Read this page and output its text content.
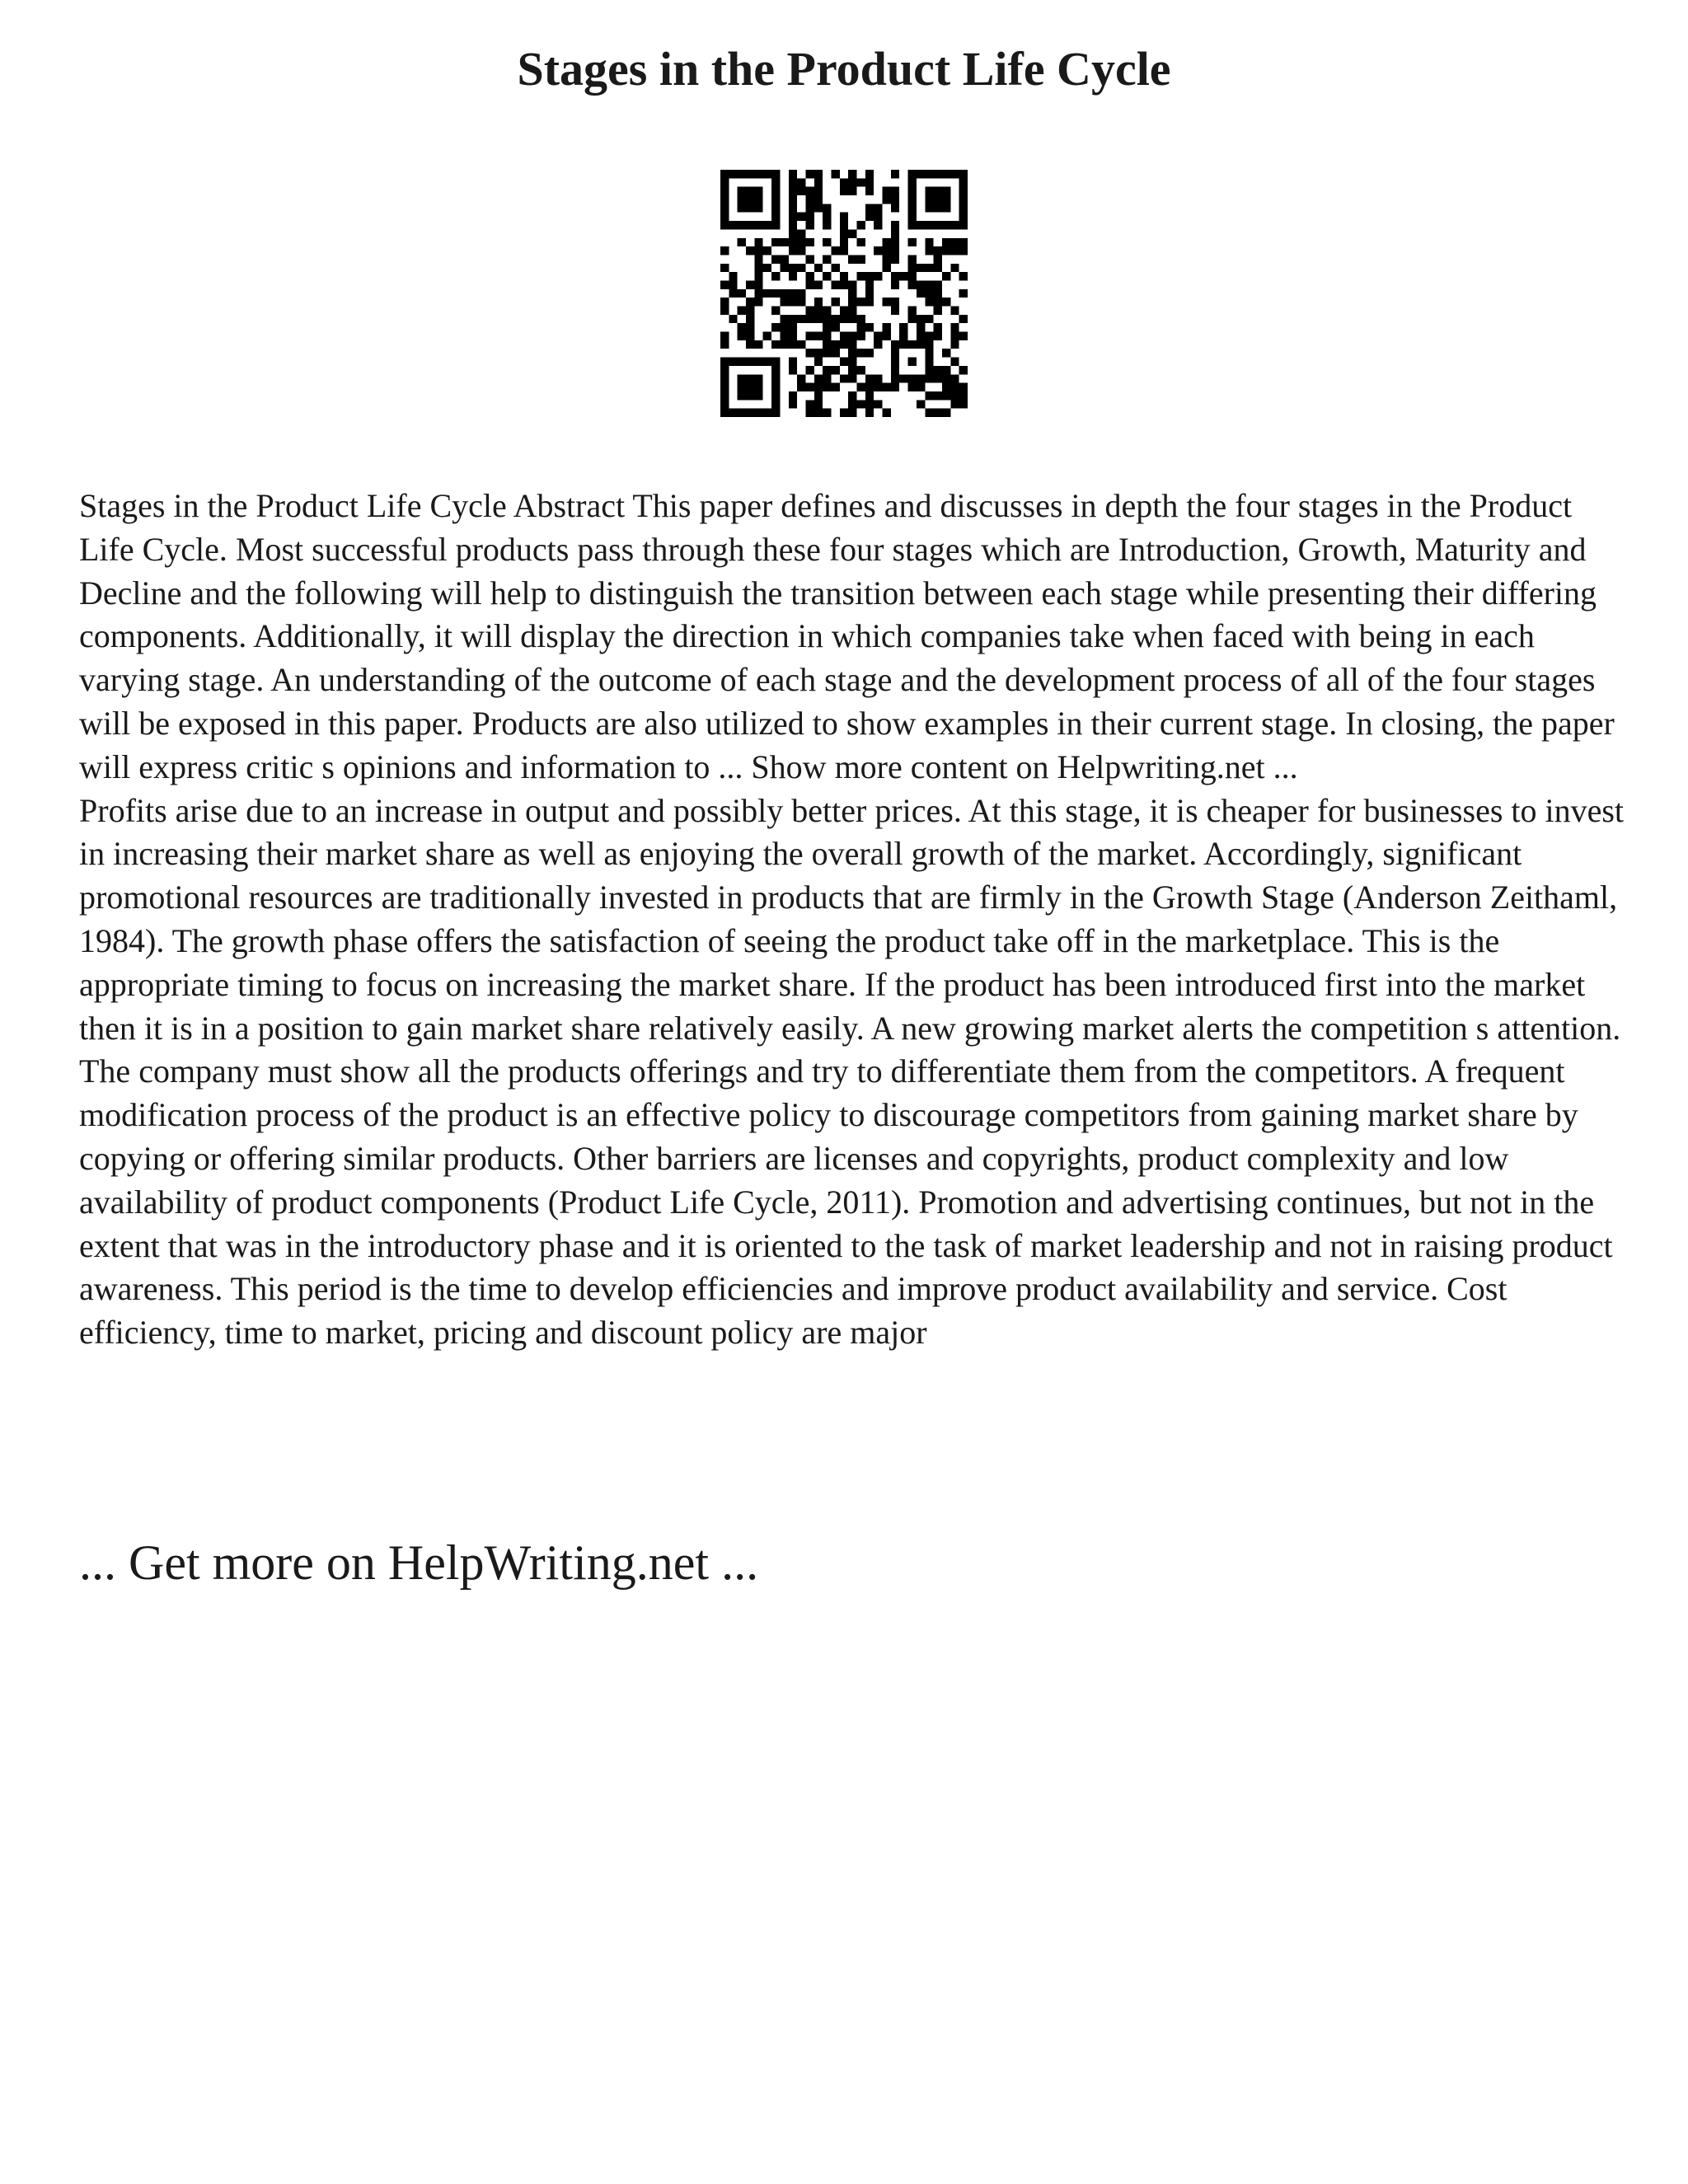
Stages in the Product Life Cycle

Stages in the Product Life Cycle Abstract This paper defines and discusses in depth the four stages in the Product Life Cycle. Most successful products pass through these four stages which are Introduction, Growth, Maturity and Decline and the following will help to distinguish the transition between each stage while presenting their differing components. Additionally, it will display the direction in which companies take when faced with being in each varying stage. An understanding of the outcome of each stage and the development process of all of the four stages will be exposed in this paper. Products are also utilized to show examples in their current stage. In closing, the paper will express critic s opinions and information to ... Show more content on Helpwriting.net ...

Profits arise due to an increase in output and possibly better prices. At this stage, it is cheaper for businesses to invest in increasing their market share as well as enjoying the overall growth of the market. Accordingly, significant promotional resources are traditionally invested in products that are firmly in the Growth Stage (Anderson Zeithaml, 1984). The growth phase offers the satisfaction of seeing the product take off in the marketplace. This is the appropriate timing to focus on increasing the market share. If the product has been introduced first into the market then it is in a position to gain market share relatively easily. A new growing market alerts the competition s attention. The company must show all the products offerings and try to differentiate them from the competitors. A frequent modification process of the product is an effective policy to discourage competitors from gaining market share by copying or offering similar products. Other barriers are licenses and copyrights, product complexity and low availability of product components (Product Life Cycle, 2011). Promotion and advertising continues, but not in the extent that was in the introductory phase and it is oriented to the task of market leadership and not in raising product awareness. This period is the time to develop efficiencies and improve product availability and service. Cost efficiency, time to market, pricing and discount policy are major

... Get more on HelpWriting.net ...
